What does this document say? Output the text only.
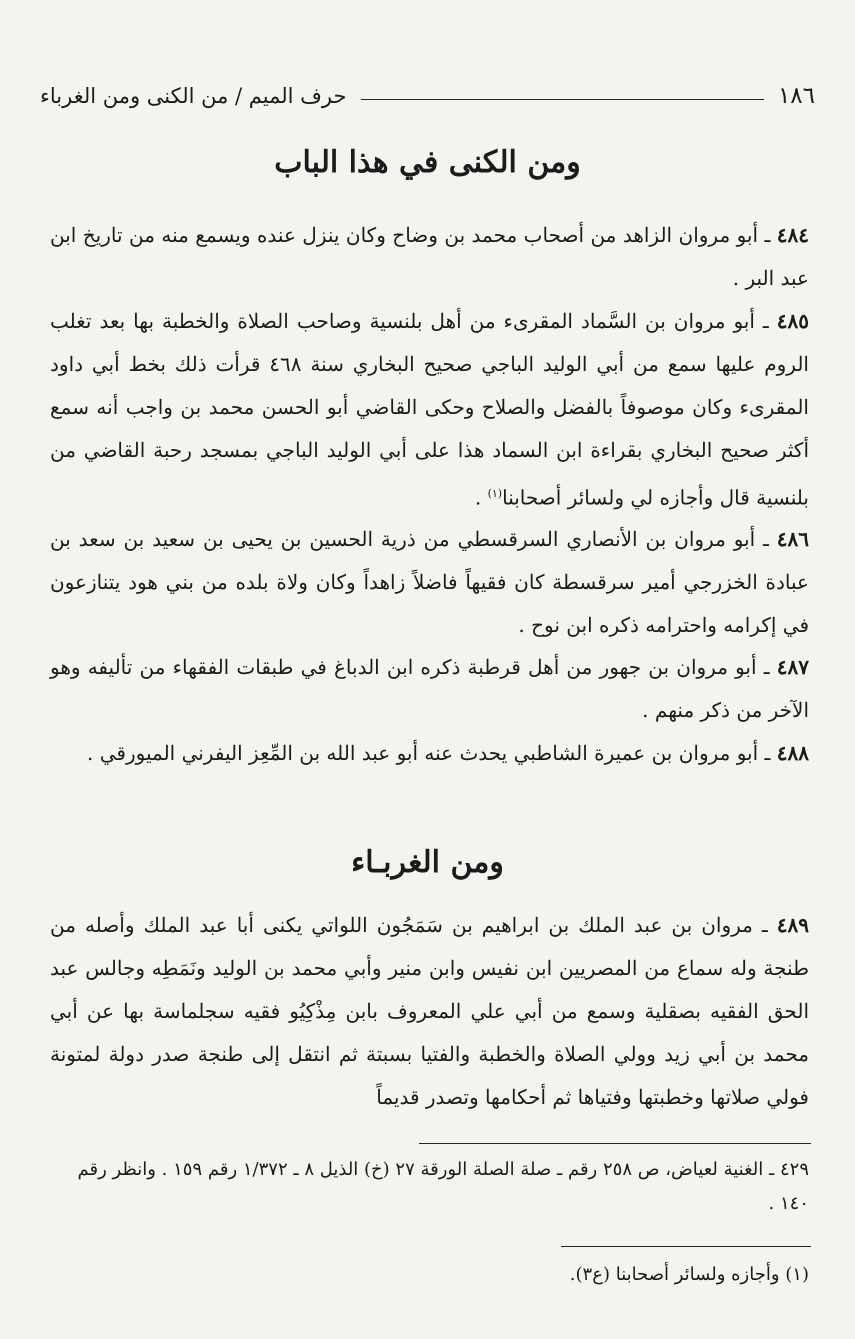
١٨٦
حرف الميم / من الكنى ومن الغرباء
ومن الكنى في هذا الباب

٤٨٤ ـ أبو مروان الزاهد من أصحاب محمد بن وضاح وكان ينزل عنده ويسمع منه من تاريخ ابن عبد البر .

٤٨٥ ـ أبو مروان بن السَّماد المقرىء من أهل بلنسية وصاحب الصلاة والخطبة بها بعد تغلب الروم عليها سمع من أبي الوليد الباجي صحيح البخاري سنة ٤٦٨ قرأت ذلك بخط أبي داود المقرىء وكان موصوفاً بالفضل والصلاح وحكى القاضي أبو الحسن محمد بن واجب أنه سمع أكثر صحيح البخاري بقراءة ابن السماد هذا على أبي الوليد الباجي بمسجد رحبة القاضي من بلنسية قال وأجازه لي ولسائر أصحابنا$^{(١)}$ .

٤٨٦ ـ أبو مروان بن الأنصاري السرقسطي من ذرية الحسين بن يحيى بن سعيد بن سعد بن عبادة الخزرجي أمير سرقسطة كان فقيهاً فاضلاً زاهداً وكان ولاة بلده من بني هود يتنازعون في إكرامه واحترامه ذكره ابن نوح .

٤٨٧ ـ أبو مروان بن جهور من أهل قرطبة ذكره ابن الدباغ في طبقات الفقهاء من تأليفه وهو الآخر من ذكر منهم .

٤٨٨ ـ أبو مروان بن عميرة الشاطبي يحدث عنه أبو عبد الله بن المِّعِز اليفرني الميورقي .

ومن الغربـاء

٤٨٩ ـ مروان بن عبد الملك بن ابراهيم بن سَمَجُون اللواتي يكنى أبا عبد الملك وأصله من طنجة وله سماع من المصريين ابن نفيس وابن منير وأبي محمد بن الوليد ونَمَطِه وجالس عبد الحق الفقيه بصقلية وسمع من أبي علي المعروف بابن مِذْكِيُو فقيه سجلماسة بها عن أبي محمد بن أبي زيد وولي الصلاة والخطبة والفتيا بسبتة ثم انتقل إلى طنجة صدر دولة لمتونة فولي صلاتها وخطبتها وفتياها ثم أحكامها وتصدر قديماً

٤٢٩ ـ الغنية لعياض، ص ٢٥٨ رقم ـ صلة الصلة الورقة ٢٧ (خ) الذيل ٨ ـ ١/٣٧٢ رقم ١٥٩ . وانظر رقم ١٤٠ .

(١) وأجازه ولسائر أصحابنا (ع٣).
